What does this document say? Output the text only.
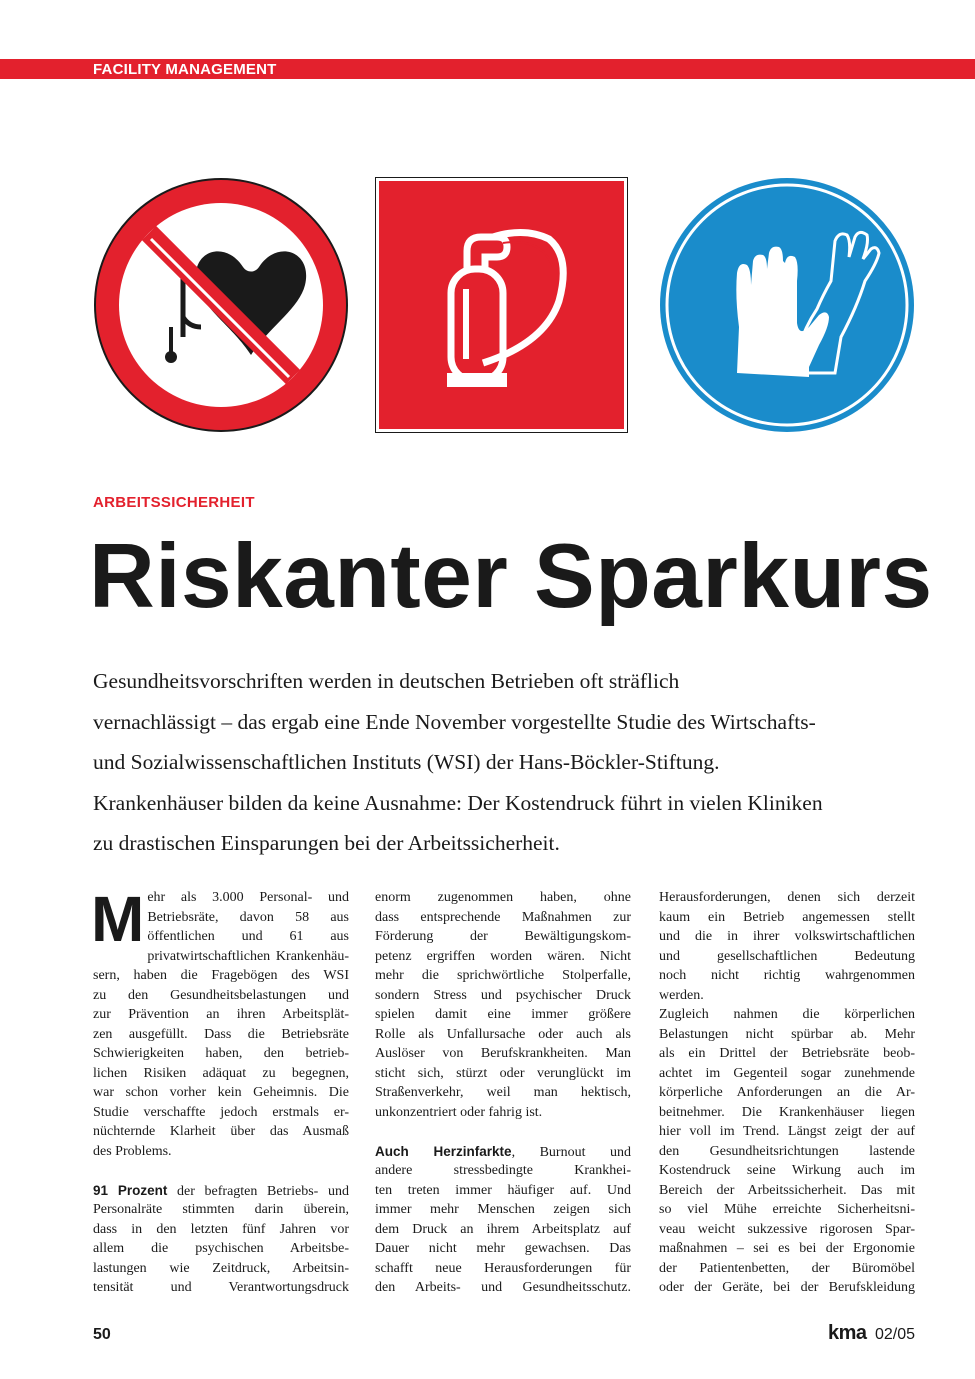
FACILITY MANAGEMENT
ARBEITSSICHERHEIT
Riskanter Sparkurs
Gesundheitsvorschriften werden in deutschen Betrieben oft sträflich
vernachlässigt – das ergab eine Ende November vorgestellte Studie des Wirtschafts-
und Sozialwissenschaftlichen Instituts (WSI) der Hans-Böckler-Stiftung.
Krankenhäuser bilden da keine Ausnahme: Der Kostendruck führt in vielen Kliniken
zu drastischen Einsparungen bei der Arbeitssicherheit.
M ehr als 3.000 Personal- und
Betriebsräte, davon 58 aus
öffentlichen und 61 aus
privatwirtschaftlichen Krankenhäu-
sern, haben die Fragebögen des WSI
zu den Gesundheitsbelastungen und
zur Prävention an ihren Arbeitsplät-
zen ausgefüllt. Dass die Betriebsräte
Schwierigkeiten haben, den betrieb-
lichen Risiken adäquat zu begegnen,
war schon vorher kein Geheimnis. Die
Studie verschaffte jedoch erstmals er-
nüchternde Klarheit über das Ausmaß
des Problems.
91 Prozent der befragten Betriebs- und
Personalräte stimmten darin überein,
dass in den letzten fünf Jahren vor
allem die psychischen Arbeitsbe-
lastungen wie Zeitdruck, Arbeitsin-
tensität und Verantwortungsdruck
enorm zugenommen haben, ohne
dass entsprechende Maßnahmen zur
Förderung der Bewältigungskom-
petenz ergriffen worden wären. Nicht
mehr die sprichwörtliche Stolperfalle,
sondern Stress und psychischer Druck
spielen damit eine immer größere
Rolle als Unfallursache oder auch als
Auslöser von Berufskrankheiten. Man
sticht sich, stürzt oder verunglückt im
Straßenverkehr, weil man hektisch,
unkonzentriert oder fahrig ist.
Auch Herzinfarkte, Burnout und
andere stressbedingte Krankhei-
ten treten immer häufiger auf. Und
immer mehr Menschen zeigen sich
dem Druck an ihrem Arbeitsplatz auf
Dauer nicht mehr gewachsen. Das
schafft neue Herausforderungen für
den Arbeits- und Gesundheitsschutz.
Herausforderungen, denen sich derzeit
kaum ein Betrieb angemessen stellt
und die in ihrer volkswirtschaftlichen
und gesellschaftlichen Bedeutung
noch nicht richtig wahrgenommen
werden.
Zugleich nahmen die körperlichen
Belastungen nicht spürbar ab. Mehr
als ein Drittel der Betriebsräte beob-
achtet im Gegenteil sogar zunehmende
körperliche Anforderungen an die Ar-
beitnehmer. Die Krankenhäuser liegen
hier voll im Trend. Längst zeigt der auf
den Gesundheitsrichtungen lastende
Kostendruck seine Wirkung auch im
Bereich der Arbeitssicherheit. Das mit
so viel Mühe erreichte Sicherheitsni-
veau weicht sukzessive rigorosen Spar-
maßnahmen – sei es bei der Ergonomie
der Patientenbetten, der Büromöbel
oder der Geräte, bei der Berufskleidung
50	kma 02/05
